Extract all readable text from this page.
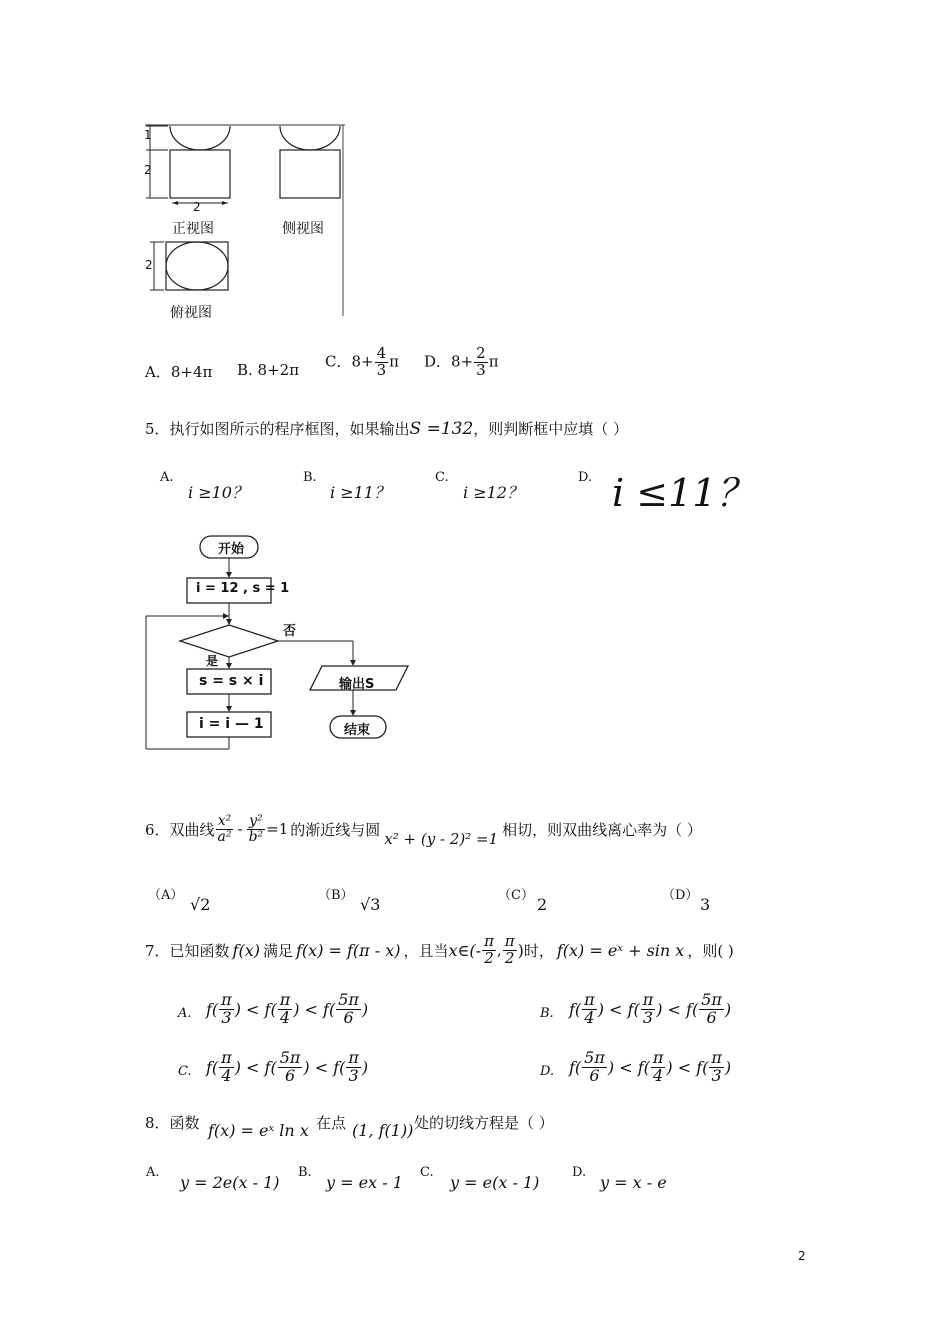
1
2
2
2
正视图	侧视图
俯视图
A．8+4π B. 8+2π C．$8+ \frac{4}{3}$ π D．$8+ \frac{2}{3}$ π
5．执行如图所示的程序框图，如果输出S =132，则判断框中应填（ ）
A.
i ≥10？
B.
i ≥11？
C.
i ≥12？
D. i ≤11？
开始
i = 12 , s = 1
否
是
s = s × i	输出S
i = i — 1	结束
6．双曲线 $\frac{\text{x²}}{\text{a²}} - \frac{\text{y²}}{\text{b²}} =1$ 的渐近线与圆
x² + (y - 2)² =1
相切，则双曲线离心率为（ ）
（A） √2	（B） √3	（C） 2	（D） 3
7．已知函数 f(x) 满足 f(x) = f(π - x) ，且当 x∈(- $\frac{\pi}{2}$ , $\frac{\pi}{2}$ ) 时， f(x) = eˣ + sin x ，则( )
A. $f( \frac{\pi}{3}$ ) < $f( \frac{\pi}{4}$ ) < $f( \frac{5\pi}{6}$ )	B. $f( \frac{\pi}{4}$ ) < $f( \frac{\pi}{3}$ ) < $f( \frac{5\pi}{6}$ )
C. $f( \frac{\pi}{4}$ ) < $f( \frac{5\pi}{6}$ ) < $f( \frac{\pi}{3}$ )	D. $f( \frac{5\pi}{6}$ ) < $f( \frac{\pi}{4}$ ) < $f( \frac{\pi}{3}$ )
8．函数 f(x) = eˣ ln x 在点 (1, f(1)) 处的切线方程是（ ）
A.
y = 2e(x - 1)
B.
y = ex - 1
C.
y = e(x - 1)
D.
y = x - e
2
